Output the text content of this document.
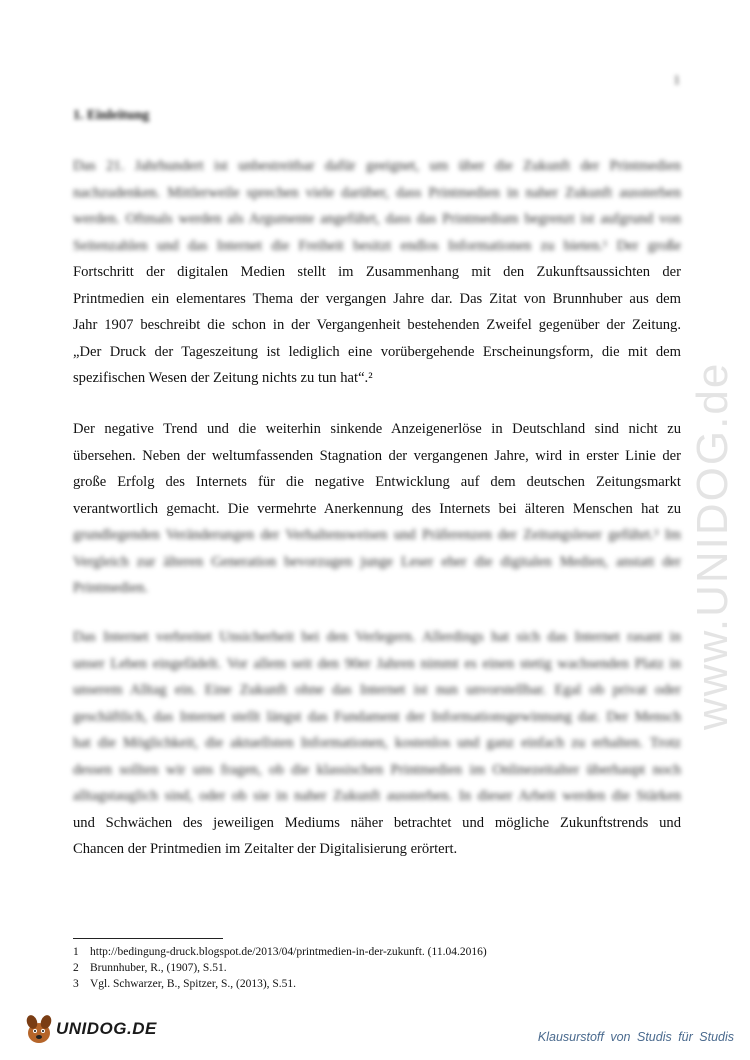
1
1. Einleitung
Das 21. Jahrhundert ist unbestreitbar dafür geeignet, um über die Zukunft der Printmedien
nachzudenken. Mittlerweile sprechen viele darüber, dass Printmedien in naher Zukunft aussterben
werden. Oftmals werden als Argumente angeführt, dass das Printmedium begrenzt ist aufgrund von
Seitenzahlen und das Internet die Freiheit besitzt endlos Informationen zu bieten.¹ Der große
Fortschritt der digitalen Medien stellt im Zusammenhang mit den Zukunftsaussichten der
Printmedien ein elementares Thema der vergangen Jahre dar. Das Zitat von Brunnhuber aus dem
Jahr 1907 beschreibt die schon in der Vergangenheit bestehenden Zweifel gegenüber der Zeitung.
„Der Druck der Tageszeitung ist lediglich eine vorübergehende Erscheinungsform, die mit dem
spezifischen Wesen der Zeitung nichts zu tun hat“.²
Der negative Trend und die weiterhin sinkende Anzeigenerlöse in Deutschland sind nicht zu
übersehen. Neben der weltumfassenden Stagnation der vergangenen Jahre, wird in erster Linie der
große Erfolg des Internets für die negative Entwicklung auf dem deutschen Zeitungsmarkt
verantwortlich gemacht. Die vermehrte Anerkennung des Internets bei älteren Menschen hat zu
grundlegenden Veränderungen der Verhaltensweisen und Präferenzen der Zeitungsleser geführt.³ Im
Vergleich zur älteren Generation bevorzugen junge Leser eher die digitalen Medien, anstatt der
Printmedien.
Das Internet verbreitet Unsicherheit bei den Verlegern. Allerdings hat sich das Internet rasant in
unser Leben eingefädelt. Vor allem seit den 90er Jahren nimmt es einen stetig wachsenden Platz in
unserem Alltag ein. Eine Zukunft ohne das Internet ist nun unvorstellbar. Egal ob privat oder
geschäftlich, das Internet stellt längst das Fundament der Informationsgewinnung dar. Der Mensch
hat die Möglichkeit, die aktuellsten Informationen, kostenlos und ganz einfach zu erhalten. Trotz
dessen sollten wir uns fragen, ob die klassischen Printmedien im Onlinezeitalter überhaupt noch
alltagstauglich sind, oder ob sie in naher Zukunft aussterben. In dieser Arbeit werden die Stärken
und Schwächen des jeweiligen Mediums näher betrachtet und mögliche Zukunftstrends und
Chancen der Printmedien im Zeitalter der Digitalisierung erörtert.
1 http://bedingung-druck.blogspot.de/2013/04/printmedien-in-der-zukunft. (11.04.2016)
2 Brunnhuber, R., (1907), S.51.
3 Vgl. Schwarzer, B., Spitzer, S., (2013), S.51.
www.UNIDOG.de
UNIDOG.DE	Klausurstoff von Studis für Studis
